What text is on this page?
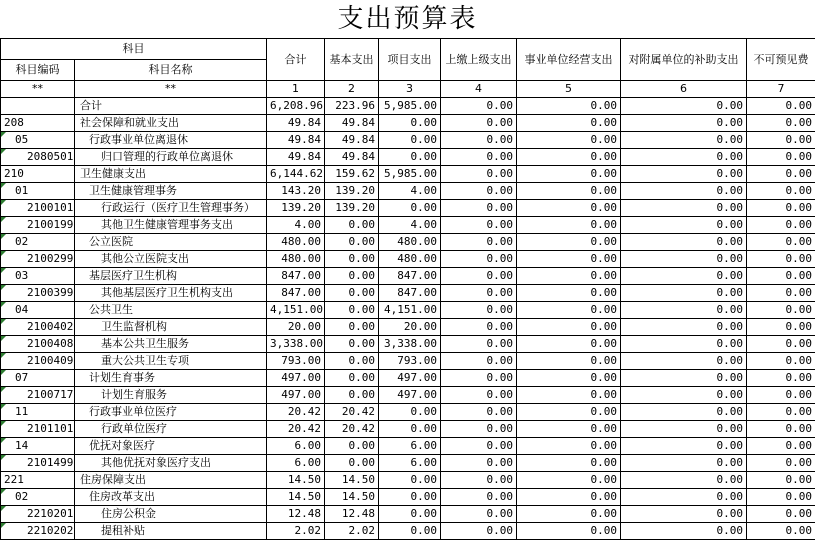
支出预算表
科目		合计	基本支出	项目支出	上缴上级支出	事业单位经营支出	对附属单位的补助支出	不可预见费
科目编码	科目名称							
**	**	1	2	3	4	5	6	7
	合计	6,208.96	223.96	5,985.00	0.00	0.00	0.00	0.00
208	社会保障和就业支出	49.84	49.84	0.00	0.00	0.00	0.00	0.00
05	行政事业单位离退休	49.84	49.84	0.00	0.00	0.00	0.00	0.00
2080501	归口管理的行政单位离退休	49.84	49.84	0.00	0.00	0.00	0.00	0.00
210	卫生健康支出	6,144.62	159.62	5,985.00	0.00	0.00	0.00	0.00
01	卫生健康管理事务	143.20	139.20	4.00	0.00	0.00	0.00	0.00
2100101	行政运行（医疗卫生管理事务）	139.20	139.20	0.00	0.00	0.00	0.00	0.00
2100199	其他卫生健康管理事务支出	4.00	0.00	4.00	0.00	0.00	0.00	0.00
02	公立医院	480.00	0.00	480.00	0.00	0.00	0.00	0.00
2100299	其他公立医院支出	480.00	0.00	480.00	0.00	0.00	0.00	0.00
03	基层医疗卫生机构	847.00	0.00	847.00	0.00	0.00	0.00	0.00
2100399	其他基层医疗卫生机构支出	847.00	0.00	847.00	0.00	0.00	0.00	0.00
04	公共卫生	4,151.00	0.00	4,151.00	0.00	0.00	0.00	0.00
2100402	卫生监督机构	20.00	0.00	20.00	0.00	0.00	0.00	0.00
2100408	基本公共卫生服务	3,338.00	0.00	3,338.00	0.00	0.00	0.00	0.00
2100409	重大公共卫生专项	793.00	0.00	793.00	0.00	0.00	0.00	0.00
07	计划生育事务	497.00	0.00	497.00	0.00	0.00	0.00	0.00
2100717	计划生育服务	497.00	0.00	497.00	0.00	0.00	0.00	0.00
11	行政事业单位医疗	20.42	20.42	0.00	0.00	0.00	0.00	0.00
2101101	行政单位医疗	20.42	20.42	0.00	0.00	0.00	0.00	0.00
14	优抚对象医疗	6.00	0.00	6.00	0.00	0.00	0.00	0.00
2101499	其他优抚对象医疗支出	6.00	0.00	6.00	0.00	0.00	0.00	0.00
221	住房保障支出	14.50	14.50	0.00	0.00	0.00	0.00	0.00
02	住房改革支出	14.50	14.50	0.00	0.00	0.00	0.00	0.00
2210201	住房公积金	12.48	12.48	0.00	0.00	0.00	0.00	0.00
2210202	提租补贴	2.02	2.02	0.00	0.00	0.00	0.00	0.00
